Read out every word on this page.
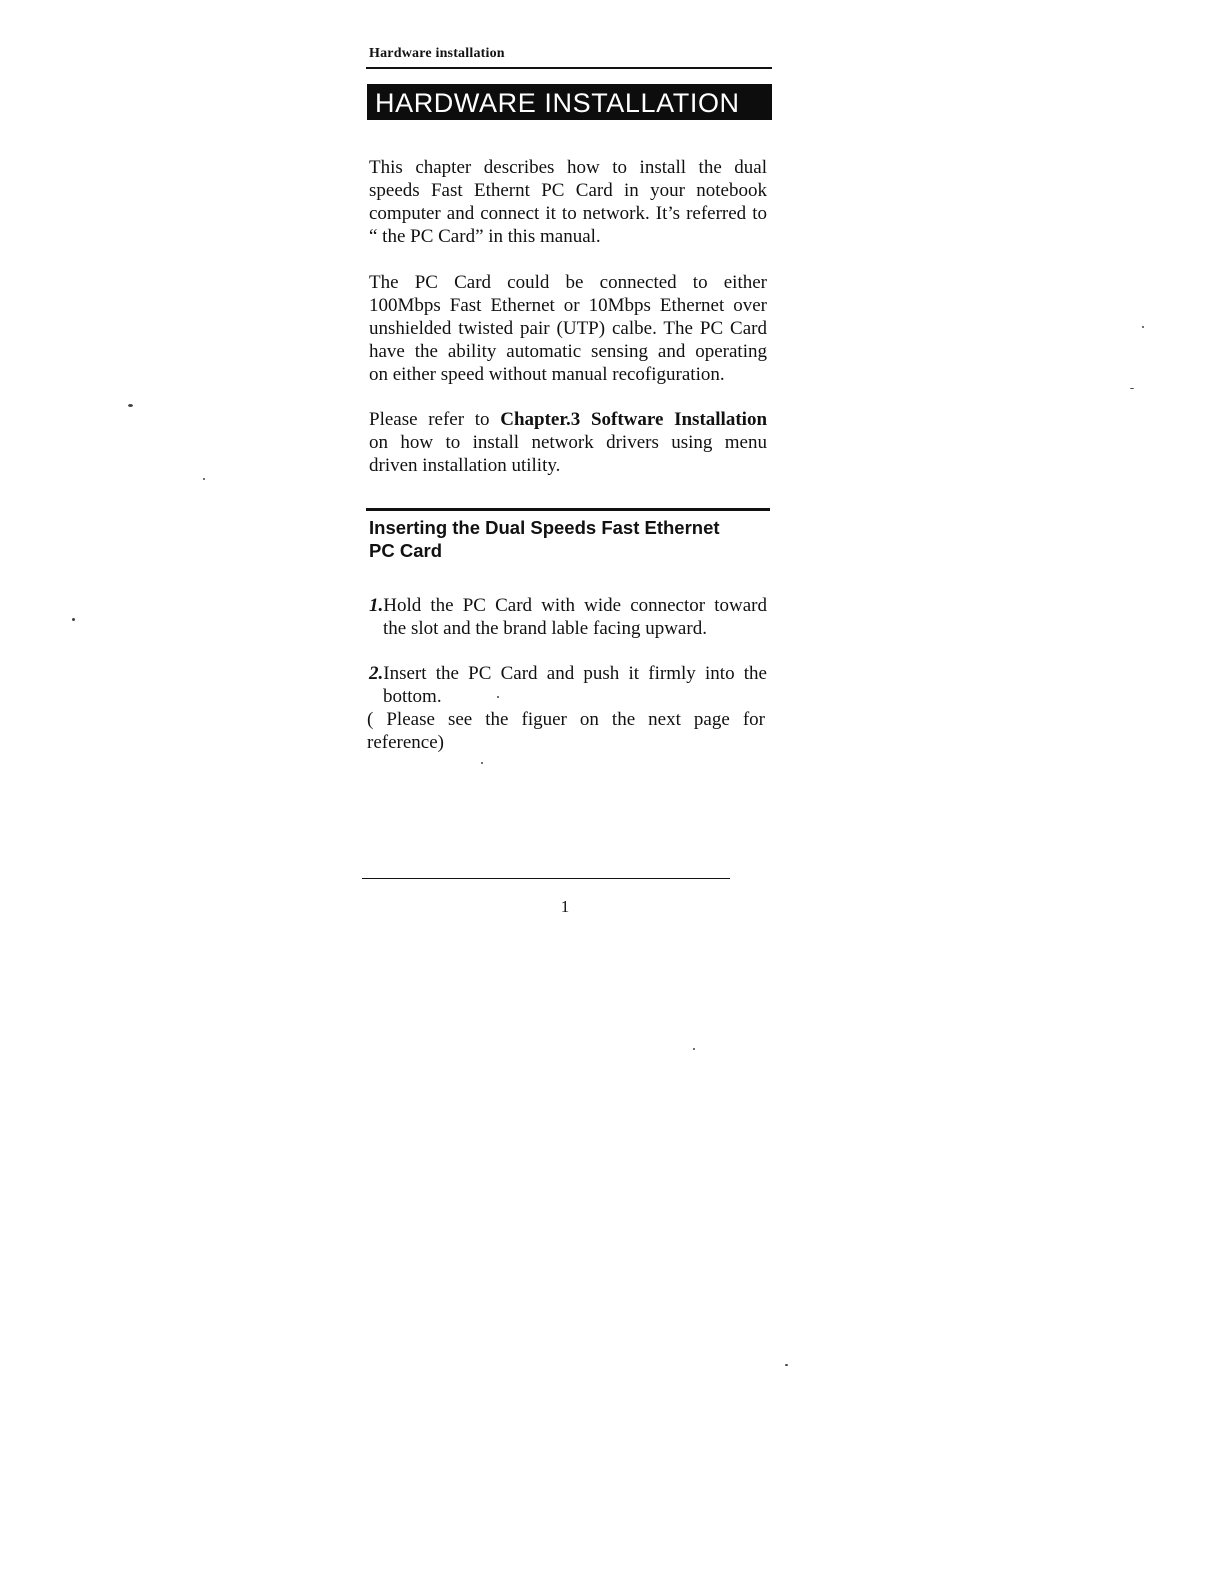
Hardware installation
HARDWARE INSTALLATION
This chapter describes how to install the dual
speeds Fast Ethernt PC Card in your notebook
computer and connect it to network. It’s referred to
“ the PC Card” in this manual.
The PC Card could be connected to either
100Mbps Fast Ethernet or 10Mbps Ethernet over
unshielded twisted pair (UTP) calbe. The PC Card
have the ability automatic sensing and operating
on either speed without manual recofiguration.
Please refer to Chapter.3 Software Installation
on how to install network drivers using menu
driven installation utility.
Inserting the Dual Speeds Fast Ethernet
PC Card
1.Hold the PC Card with wide connector toward
the slot and the brand lable facing upward.
2.Insert the PC Card and push it firmly into the
bottom.
( Please see the figuer on the next page for
reference)
1
